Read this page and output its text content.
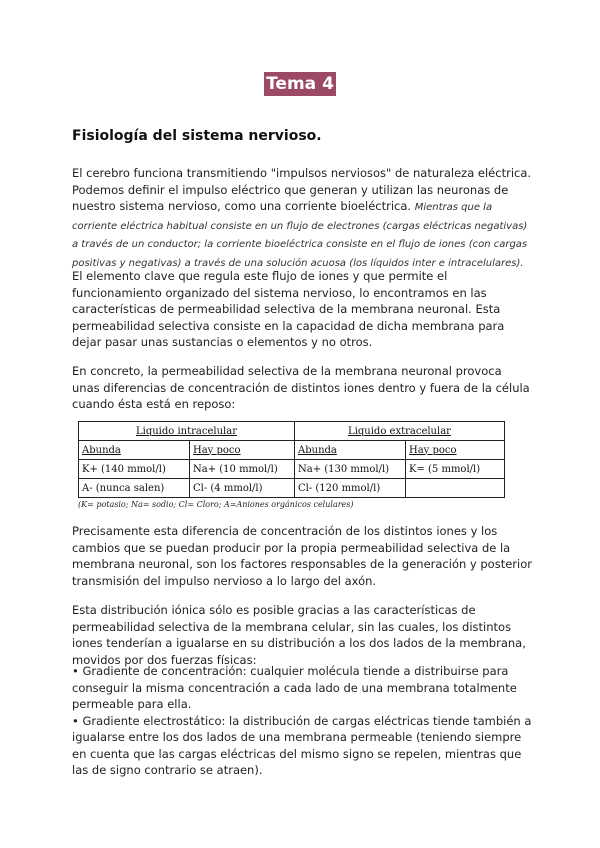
Tema 4
Fisiología del sistema nervioso.
El cerebro funciona transmitiendo "impulsos nerviosos" de naturaleza eléctrica. Podemos definir el impulso eléctrico que generan y utilizan las neuronas de nuestro sistema nervioso, como una corriente bioeléctrica. Mientras que la corriente eléctrica habitual consiste en un flujo de electrones (cargas eléctricas negativas) a través de un conductor; la corriente bioeléctrica consiste en el flujo de iones (con cargas positivas y negativas) a través de una solución acuosa (los líquidos inter e intracelulares).
El elemento clave que regula este flujo de iones y que permite el funcionamiento organizado del sistema nervioso, lo encontramos en las características de permeabilidad selectiva de la membrana neuronal. Esta permeabilidad selectiva consiste en la capacidad de dicha membrana para dejar pasar unas sustancias o elementos y no otros.
En concreto, la permeabilidad selectiva de la membrana neuronal provoca unas diferencias de concentración de distintos iones dentro y fuera de la célula cuando ésta está en reposo:
Liquido intracelular		Liquido extracelular	
Abunda	Hay poco	Abunda	Hay poco
K+ (140 mmol/l)	Na+ (10 mmol/l)	Na+ (130 mmol/l)	K= (5 mmol/l)
A- (nunca salen)	Cl- (4 mmol/l)	Cl- (120 mmol/l)	
(K= potasio; Na= sodio; Cl= Cloro; A=Aniones orgánicos celulares)
Precisamente esta diferencia de concentración de los distintos iones y los cambios que se puedan producir por la propia permeabilidad selectiva de la membrana neuronal, son los factores responsables de la generación y posterior transmisión del impulso nervioso a lo largo del axón.
Esta distribución iónica sólo es posible gracias a las características de permeabilidad selectiva de la membrana celular, sin las cuales, los distintos iones tenderían a igualarse en su distribución a los dos lados de la membrana, movidos por dos fuerzas físicas:
• Gradiente de concentración: cualquier molécula tiende a distribuirse para conseguir la misma concentración a cada lado de una membrana totalmente permeable para ella.
• Gradiente electrostático: la distribución de cargas eléctricas tiende también a igualarse entre los dos lados de una membrana permeable (teniendo siempre en cuenta que las cargas eléctricas del mismo signo se repelen, mientras que las de signo contrario se atraen).
